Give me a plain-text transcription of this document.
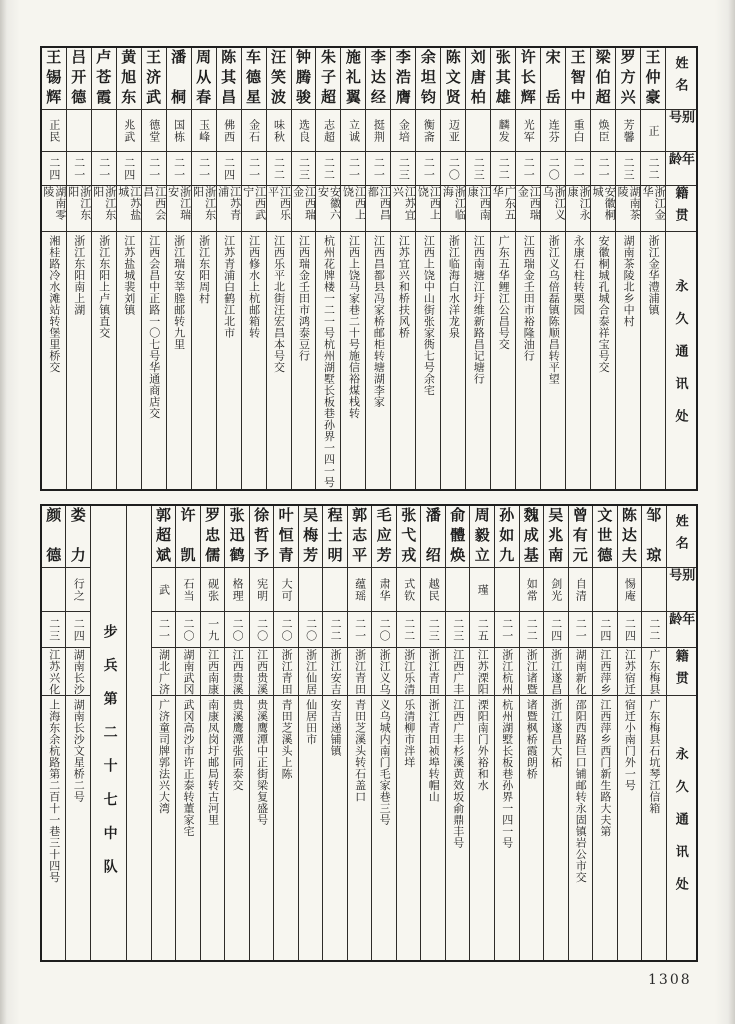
姓名
别号
年龄
籍贯
永久通讯处
王
仲
豪
正
二二
浙江金华
浙江金华澧浦镇
罗
方
兴
芳馨
二三
湖南茶陵
湖南茶陵北乡中村
梁
伯
超
焕臣
二一
安徽桐城
安徽桐城孔城合泰祥宝号交
王
智
中
重白
二一
浙江永康
永康石柱转栗园
宋
岳
连芬
二〇
浙江义乌
浙江义乌倍磊镇陈顺昌转平望
许
长
辉
光军
二一
江西瑞金
江西瑞金壬田市裕隆油行
张
其
雄
麟发
二二
广东五华
广东五华鲤江公昌号交
刘
唐
柏
二三
江西南康
江西南塘江圩维新路昌记塘行
陈
文
贤
迈亚
二〇
浙江临海
浙江临海白水洋龙泉
余
坦
钧
衡斋
二一
江西上饶
江西上饶中山街张家衖七号余宅
李
浩
膺
金培
二三
江苏宜兴
江苏宜兴和桥扶风桥
李
达
经
挺荆
二一
江西昌都
江西昌都县冯家桥邮柜转塘湖李家
施
礼
翼
立诚
二一
江西上饶
江西上饶马家巷二十号施信裕煤栈转
朱
子
超
志超
二二
安徽六安
杭州花牌楼一二一号杭州湖墅长板巷孙界一四一号
钟
腾
骏
选良
二三
江西瑞金
江西瑞金壬田市鸿泰豆行
汪
笑
波
味秋
二二
江西乐平
江西乐平北街汪宏昌本号交
车
德
星
金石
二一
江西武宁
江西修水上杭邮箱转
陈
其
昌
佛西
二四
江苏青浦
江苏青浦白鹤江北市
周
从
春
玉峰
二一
浙江东阳
浙江东阳周村
潘
桐
国栋
二一
浙江瑞安
浙江瑞安莘塍邮转九里
王
济
武
德堂
二一
江西会昌
江西会昌中正路一〇七号华通商店交
黄
旭
东
兆武
二四
江苏盐城
江苏盐城裴刘镇
卢
苍
霞
二一
浙江东阳
浙江东阳上卢镇直交
吕
开
德
二一
浙江东阳
浙江东阳南上湖
王
锡
辉
正民
二四
湖南零陵
湘桂路冷水滩站转堡里桥交
姓名
别号
年龄
籍贯
永久通讯处
邹
琼
二二
广东梅县
广东梅县石坑琴江信箱
陈
达
夫
惕庵
二四
江苏宿迁
宿迁小南门外一号
文
世
德
二四
江西萍乡
江西萍乡西门新生路大夫第
曾
有
元
自清
二一
湖南新化
邵阳西路巨口铺邮转永固镇岩公市交
吴
兆
南
剑光
二四
浙江遂昌
浙江遂昌大柘
魏
成
基
如常
二二
浙江诸暨
诸暨枫桥霞朗桥
孙
如
九
二一
浙江杭州
杭州湖墅长板巷孙界一四一号
周
毅
立
瑾
二五
江苏溧阳
溧阳南门外裕和水
俞
體
焕
二三
江西广丰
江西广丰杉溪黄效坂俞鼎丰号
潘
绍
越民
二三
浙江青田
浙江青田祯埠转帽山
张
弋
戎
式钦
二二
浙江乐清
乐清柳市泮垟
毛
应
芳
肃华
二〇
浙江义乌
义乌城内南门毛家巷三号
郭
志
平
蕴瑶
二一
浙江青田
青田芝溪头转石盖口
程
士
明
二二
浙江安吉
安吉递铺镇
吴
梅
芳
二〇
浙江仙居
仙居田市
叶
恒
青
大可
二〇
浙江青田
青田芝溪头上陈
徐
哲
予
宪明
二〇
江西贵溪
贵溪鹰潭中正街梁复盛号
张
迅
鹤
格理
二〇
江西贵溪
贵溪鹰潭张同泰交
罗
忠
儒
砚张
一九
江西南康
南康凤岗圩邮局转古河里
许
凯
石当
二〇
湖南武冈
武冈高沙市许正泰转董家宅
郭
超
斌
武
二一
湖北广济
广济童司牌郭法兴大湾
步兵第二十七中队
娄
力
行之
二四
湖南长沙
湖南长沙文星桥二号
颜
德
二三
江苏兴化
上海东余杭路第二百十一巷三十四号
1308
